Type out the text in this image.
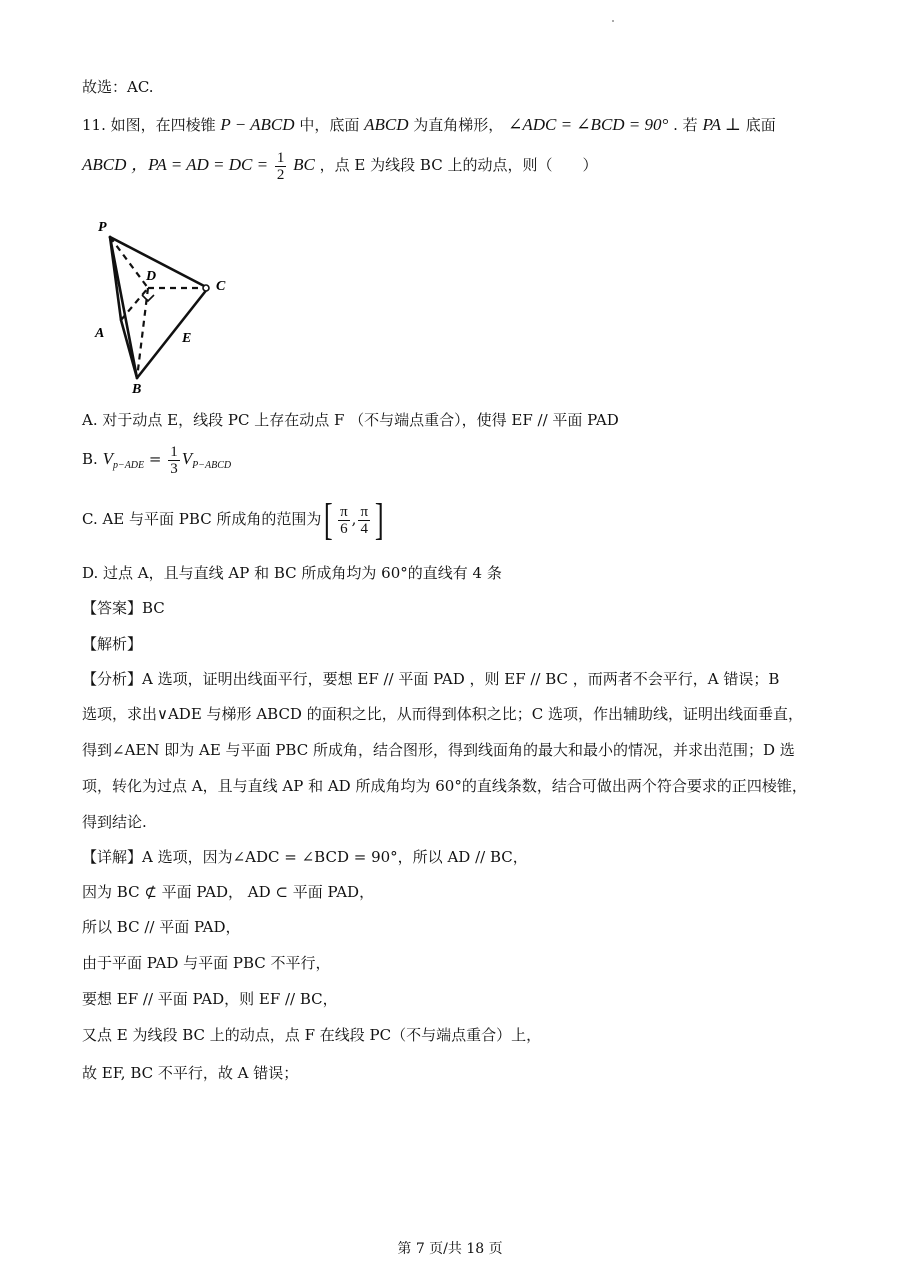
故选：AC.
11. 如图，在四棱锥 P − ABCD 中，底面 ABCD 为直角梯形， ∠ADC = ∠BCD = 90° . 若 PA ⊥ 底面
ABCD ，PA = AD = DC = $\frac{1}{2}$ BC ，点 E 为线段 BC 上的动点，则（　　）
P
D
C
A	E
B
A. 对于动点 E，线段 PC 上存在动点 F （不与端点重合），使得 EF // 平面 PAD
B. $V_{p-ADE} = \frac{1}{3} V_{P-ABCD}$
C. AE 与平面 PBC 所成角的范围为[ $\frac{\pi}{6}$ , $\frac{\pi}{4}$ ]
D. 过点 A，且与直线 AP 和 BC 所成角均为 60°的直线有 4 条
【答案】BC
【解析】
【分析】A 选项，证明出线面平行，要想 EF // 平面 PAD ，则 EF // BC ，而两者不会平行，A 错误；B
选项，求出∨ADE 与梯形 ABCD 的面积之比，从而得到体积之比；C 选项，作出辅助线，证明出线面垂直，
得到∠AEN 即为 AE 与平面 PBC 所成角，结合图形，得到线面角的最大和最小的情况，并求出范围；D 选
项，转化为过点 A，且与直线 AP 和 AD 所成角均为 60°的直线条数，结合可做出两个符合要求的正四棱锥，
得到结论.
【详解】A 选项，因为∠ADC = ∠BCD = 90°，所以 AD // BC，
因为 BC ⊄ 平面 PAD， AD ⊂ 平面 PAD，
所以 BC // 平面 PAD，
由于平面 PAD 与平面 PBC 不平行，
要想 EF // 平面 PAD，则 EF // BC，
又点 E 为线段 BC 上的动点，点 F 在线段 PC（不与端点重合）上，
故 EF, BC 不平行，故 A 错误；
第 7 页/共 18 页
